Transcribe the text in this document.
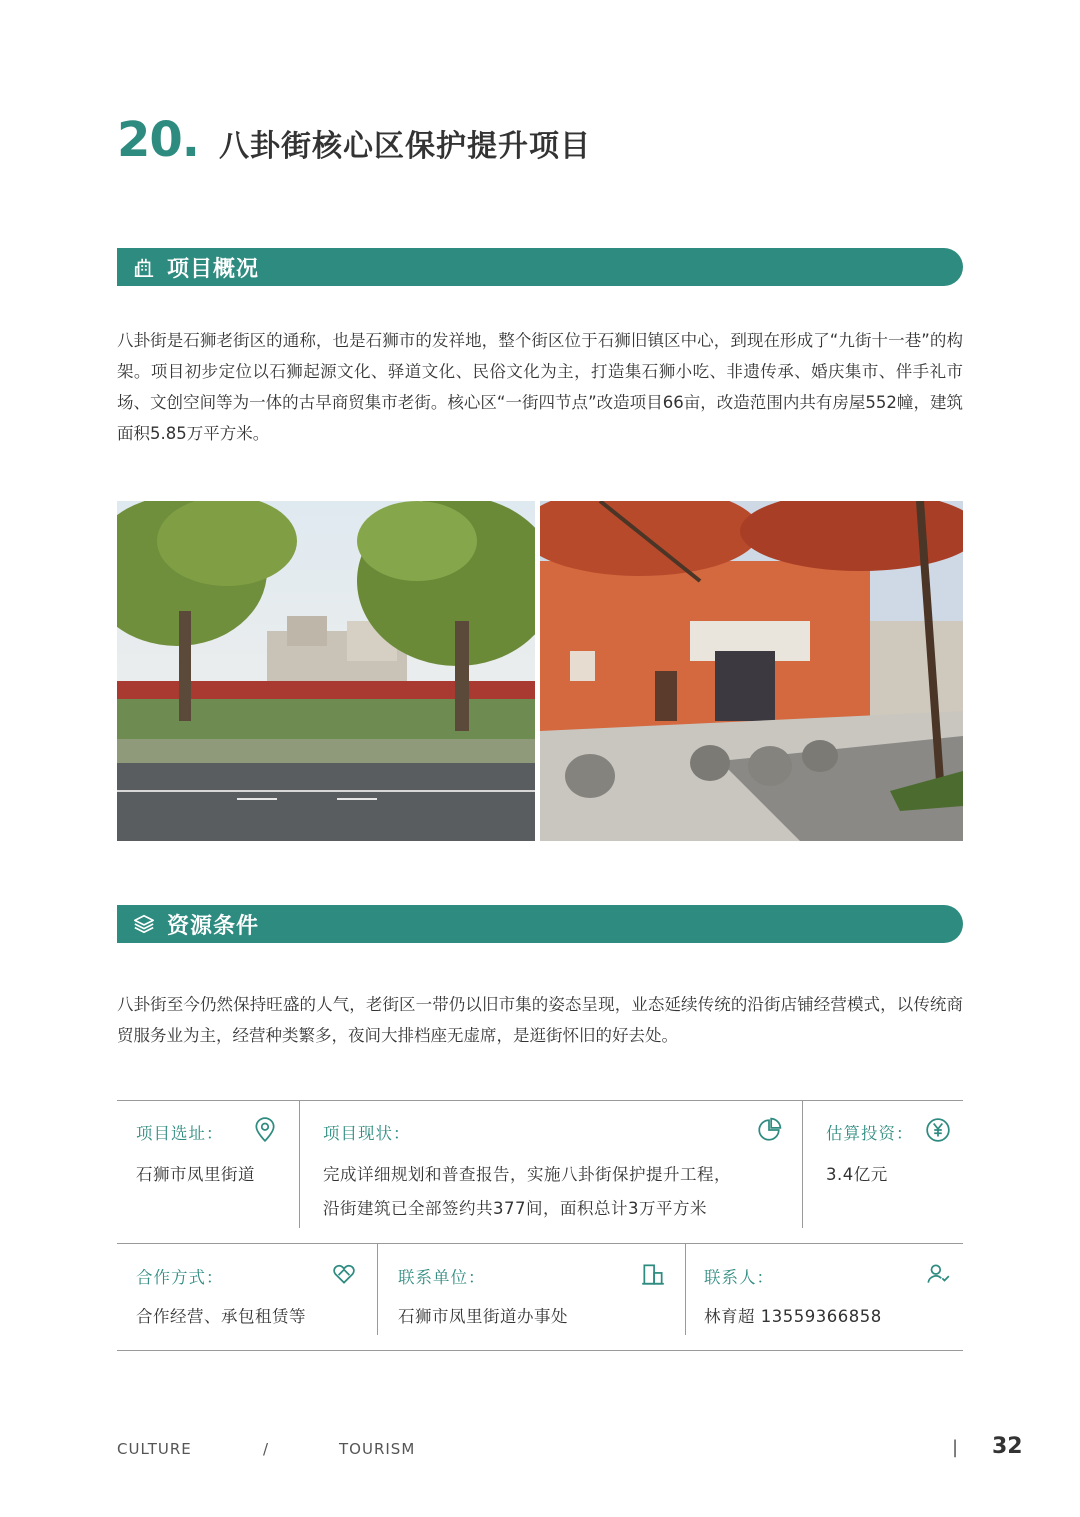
20. 八卦街核心区保护提升项目
项目概况

八卦街是石狮老街区的通称，也是石狮市的发祥地，整个街区位于石狮旧镇区中心，到现在形成了“九街十一巷”的构架。项目初步定位以石狮起源文化、驿道文化、民俗文化为主，打造集石狮小吃、非遗传承、婚庆集市、伴手礼市场、文创空间等为一体的古早商贸集市老街。核心区“一街四节点”改造项目66亩，改造范围内共有房屋552幢，建筑面积5.85万平方米。

资源条件

八卦街至今仍然保持旺盛的人气，老街区一带仍以旧市集的姿态呈现，业态延续传统的沿街店铺经营模式，以传统商贸服务业为主，经营种类繁多，夜间大排档座无虚席，是逛街怀旧的好去处。

项目选址：
石狮市凤里街道
项目现状：
完成详细规划和普查报告，实施八卦街保护提升工程，
沿街建筑已全部签约共377间，面积总计3万平方米
估算投资：
3.4亿元
合作方式：
合作经营、承包租赁等
联系单位：
石狮市凤里街道办事处
联系人：
林育超 13559366858
CULTURE	/	TOURISM	| 32
